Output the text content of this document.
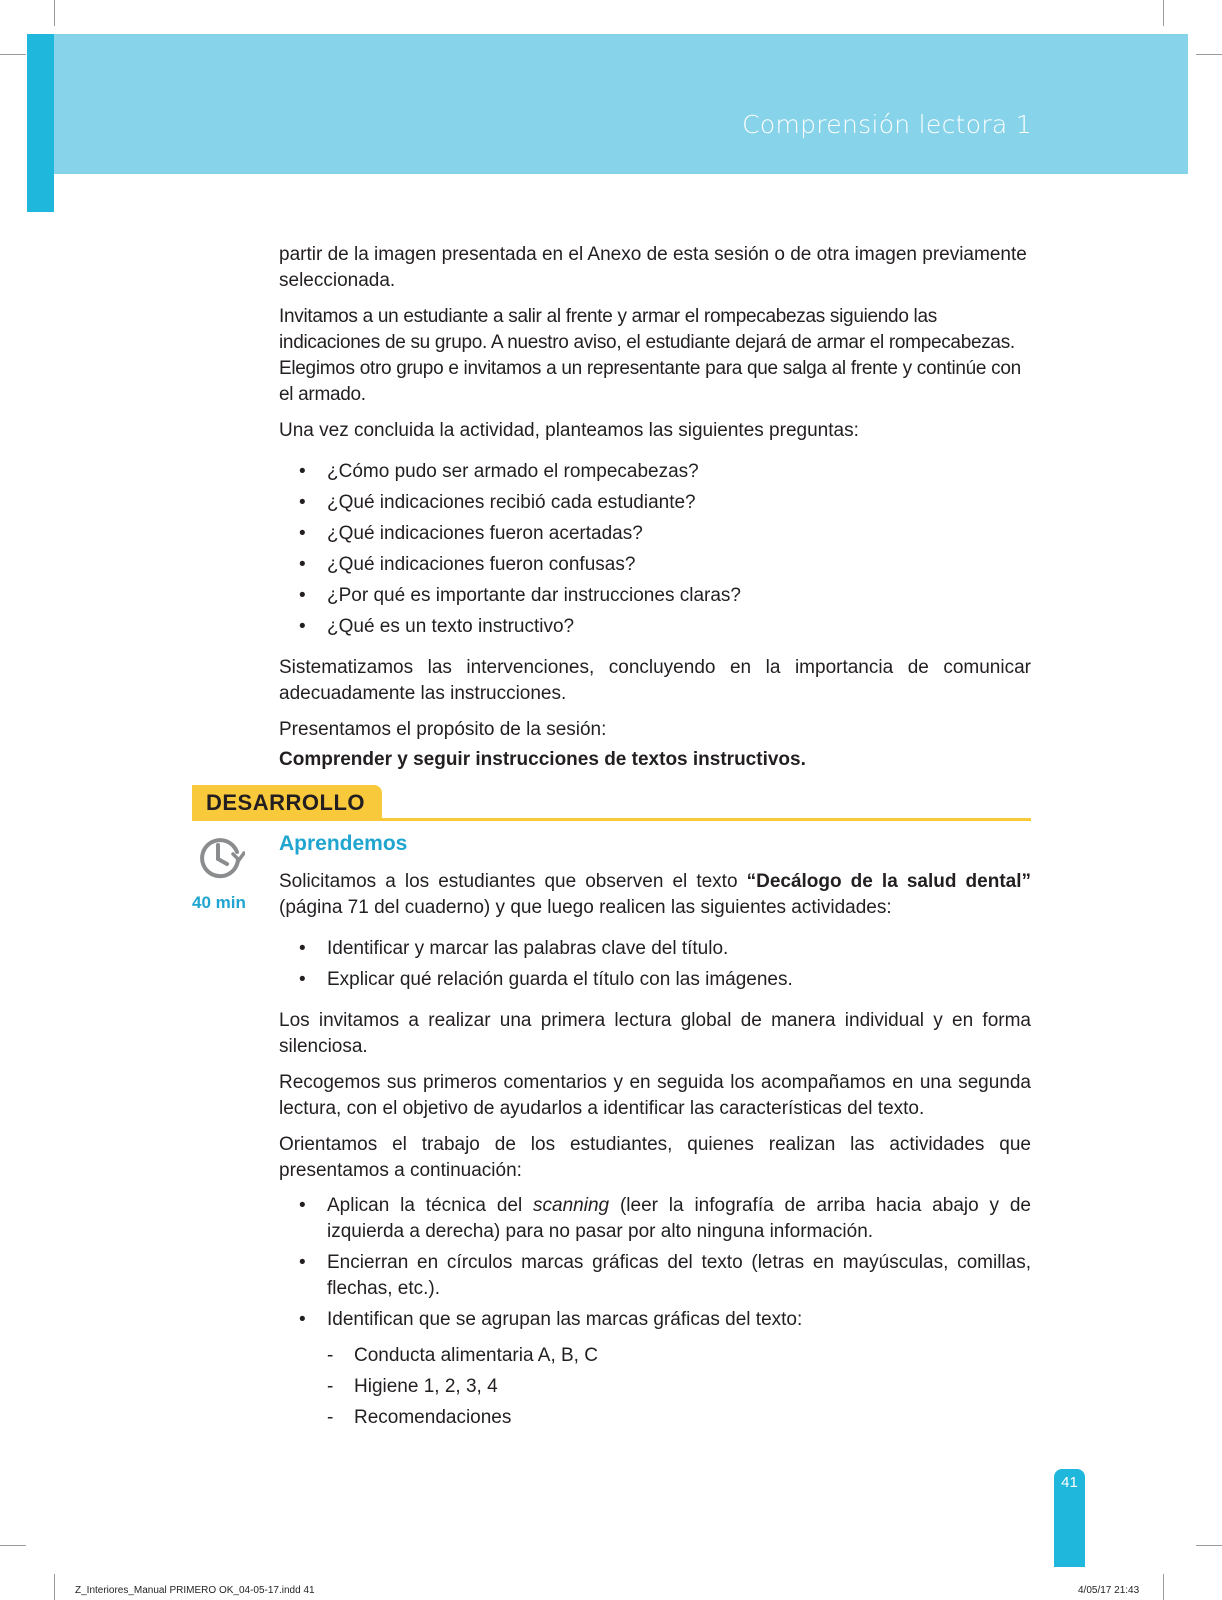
Comprensión lectora 1

partir de la imagen presentada en el Anexo de esta sesión o de otra imagen previamente seleccionada.

Invitamos a un estudiante a salir al frente y armar el rompecabezas siguiendo las indicaciones de su grupo. A nuestro aviso, el estudiante dejará de armar el rompecabezas. Elegimos otro grupo e invitamos a un representante para que salga al frente y continúe con el armado.

Una vez concluida la actividad, planteamos las siguientes preguntas:

• ¿Cómo pudo ser armado el rompecabezas?
• ¿Qué indicaciones recibió cada estudiante?
• ¿Qué indicaciones fueron acertadas?
• ¿Qué indicaciones fueron confusas?
• ¿Por qué es importante dar instrucciones claras?
• ¿Qué es un texto instructivo?

Sistematizamos las intervenciones, concluyendo en la importancia de comunicar adecuadamente las instrucciones.

Presentamos el propósito de la sesión:

Comprender y seguir instrucciones de textos instructivos.

DESARROLLO
40 min
Aprendemos

Solicitamos a los estudiantes que observen el texto “Decálogo de la salud dental” (página 71 del cuaderno) y que luego realicen las siguientes actividades:

• Identificar y marcar las palabras clave del título.
• Explicar qué relación guarda el título con las imágenes.

Los invitamos a realizar una primera lectura global de manera individual y en forma silenciosa.

Recogemos sus primeros comentarios y en seguida los acompañamos en una segunda lectura, con el objetivo de ayudarlos a identificar las características del texto.

Orientamos el trabajo de los estudiantes, quienes realizan las actividades que presentamos a continuación:

• Aplican la técnica del scanning (leer la infografía de arriba hacia abajo y de izquierda a derecha) para no pasar por alto ninguna información.
• Encierran en círculos marcas gráficas del texto (letras en mayúsculas, comillas, flechas, etc.).
• Identifican que se agrupan las marcas gráficas del texto:
- Conducta alimentaria A, B, C
- Higiene 1, 2, 3, 4
- Recomendaciones
41
Z_Interiores_Manual PRIMERO OK_04-05-17.indd 41	4/05/17 21:43
